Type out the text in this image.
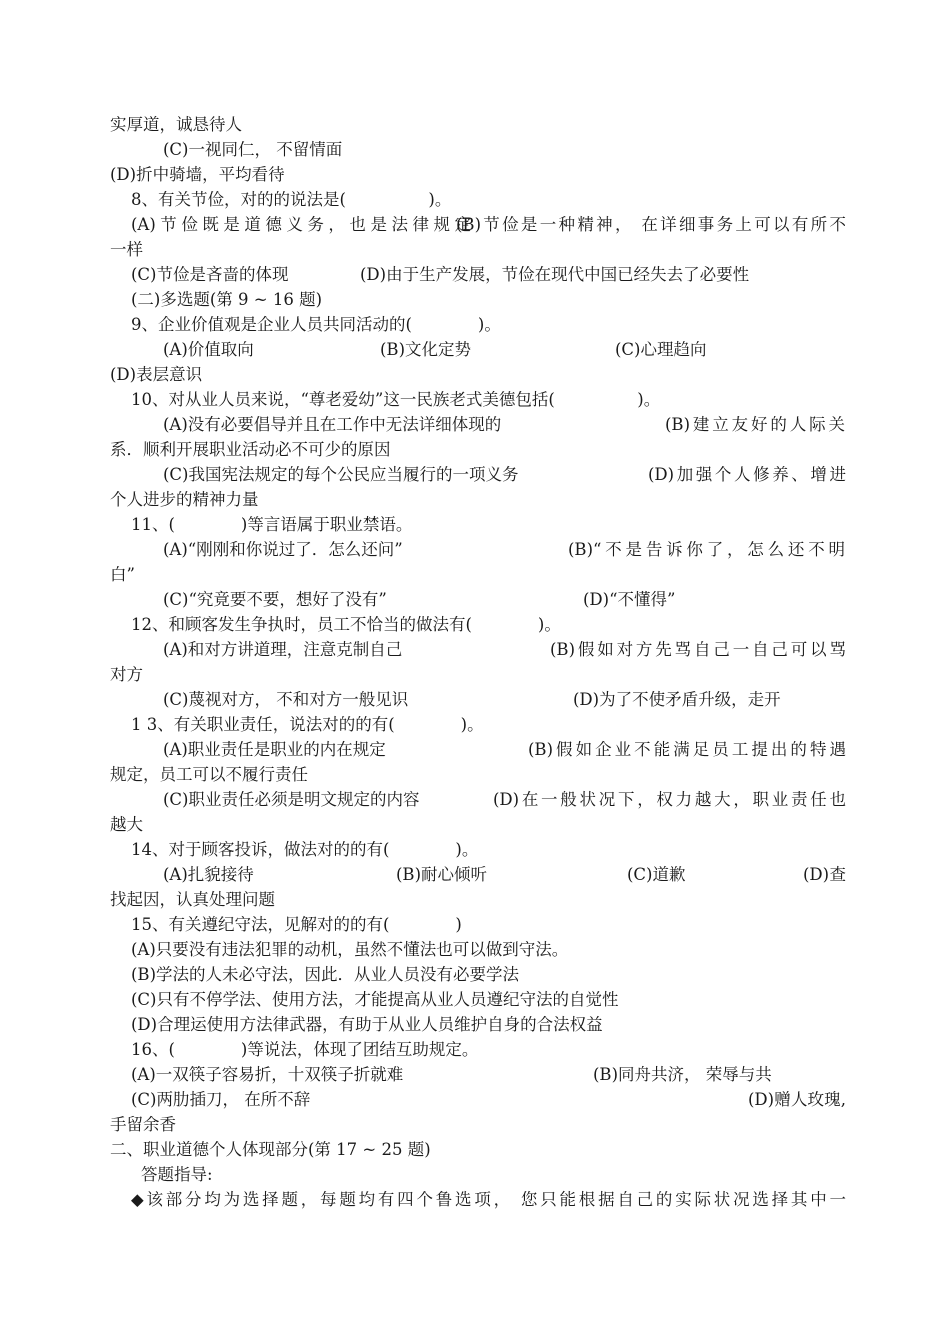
实厚道，诚恳待人
(C)一视同仁， 不留情面
(D)折中骑墙，平均看待
8、有关节俭，对的的说法是(　　　　　)。
(A)节俭既是道德义务，也是法律规定
(B)节俭是一种精神， 在详细事务上可以有所不
一样
(C)节俭是吝啬的体现	(D)由于生产发展，节俭在现代中国已经失去了必要性
(二)多选题(第 9 ~ 16 题)
9、企业价值观是企业人员共同活动的(　　　　)。
(A)价值取向	(B)文化定势	(C)心理趋向
(D)表层意识
10、对从业人员来说，“尊老爱幼”这一民族老式美德包括(　　　　　)。
(A)没有必要倡导并且在工作中无法详细体现的	(B)建立友好的人际关
系．顺利开展职业活动必不可少的原因
(C)我国宪法规定的每个公民应当履行的一项义务	(D)加强个人修养、增进
个人进步的精神力量
11、(　　　　)等言语属于职业禁语。
(A)“刚刚和你说过了．怎么还问”	(B)“不是告诉你了，怎么还不明
白”
(C)“究竟要不要，想好了没有”	(D)“不懂得”
12、和顾客发生争执时，员工不恰当的做法有(　　　　)。
(A)和对方讲道理，注意克制自己	(B)假如对方先骂自己一自己可以骂
对方
(C)蔑视对方， 不和对方一般见识	(D)为了不使矛盾升级，走开
1 3、有关职业责任，说法对的的有(　　　　)。
(A)职业责任是职业的内在规定	(B)假如企业不能满足员工提出的特遇
规定，员工可以不履行责任
(C)职业责任必须是明文规定的内容	(D)在一般状况下，权力越大，职业责任也
越大
14、对于顾客投诉，做法对的的有(　　　　)。
(A)扎貌接待	(B)耐心倾听	(C)道歉	(D)查
找起因，认真处理问题
15、有关遵纪守法，见解对的的有(　　　　)
(A)只要没有违法犯罪的动机，虽然不懂法也可以做到守法。
(B)学法的人未必守法，因此．从业人员没有必要学法
(C)只有不停学法、使用方法，才能提高从业人员遵纪守法的自觉性
(D)合理运使用方法律武器，有助于从业人员维护自身的合法权益
16、(　　　　)等说法，体现了团结互助规定。
(A)一双筷子容易折，十双筷子折就难	(B)同舟共济， 荣辱与共
(C)两肋插刀， 在所不辞	(D)赠人玫瑰,
手留余香
二、职业道德个人体现部分(第 17 ~ 25 题)
答题指导:
◆该部分均为选择题，每题均有四个鲁选项， 您只能根据自己的实际状况选择其中一
